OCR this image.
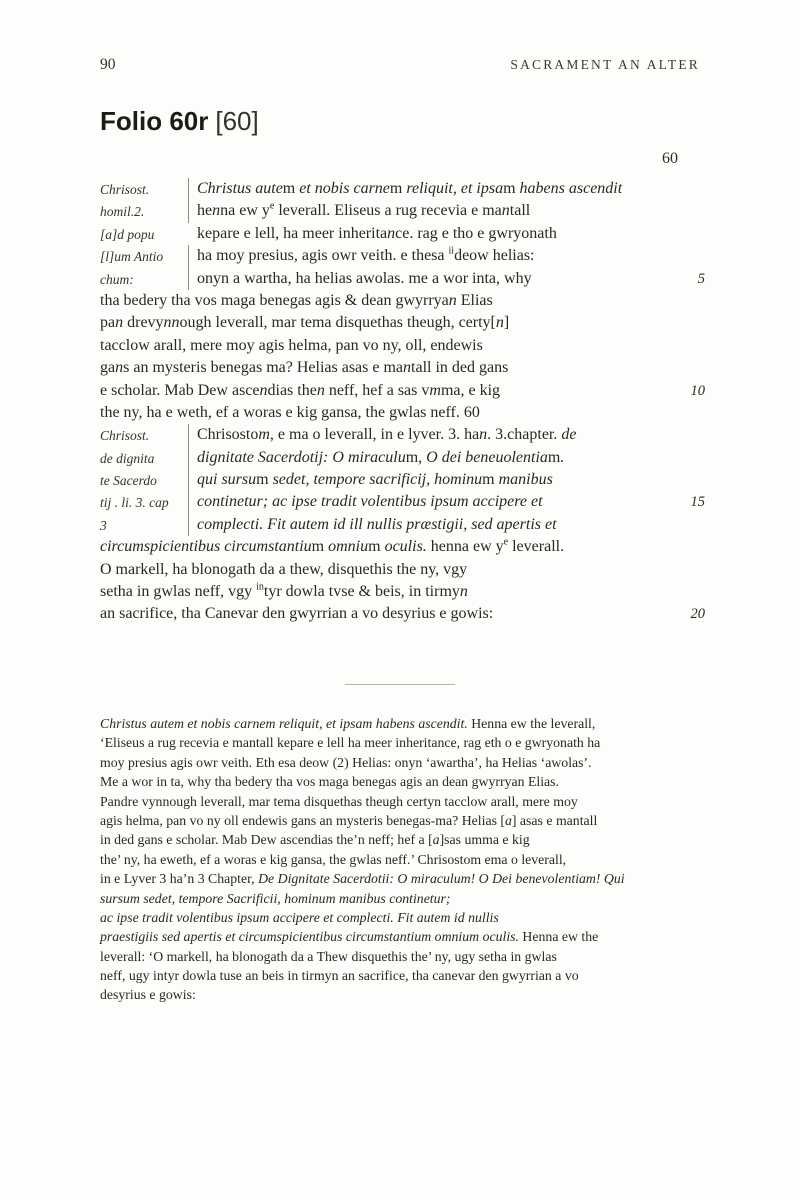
90	SACRAMENT AN ALTER
Folio 60r [60]
60
Chrisost.	Christus autem et nobis carnem reliquit, et ipsam habens ascendit
homil.2.	henna ew $y^e$ leverall. Eliseus a rug recevia e mantall
[a]d popu	kepare e lell, ha meer inheritance. rag e tho e gwryonath
[l]um Antio ha moy presius, agis owr veith. e thesa $^{ii}$deow helias:
chum:	5
onyn a wartha, ha helias awolas. me a wor inta, why
tha bedery tha vos maga benegas agis & dean gwyrryan Elias
pan drevynnough leverall, mar tema disquethas theugh, certy[n]
tacclow arall, mere moy agis helma, pan vo ny, oll, endewis
gans an mysteris benegas ma? Helias asas e mantall in ded gans
10
e scholar. Mab Dew ascendias then neff, hef a sas vmma, e kig
the ny, ha e weth, ef a woras e kig gansa, the gwlas neff. 60
Chrisost.	Chrisostom, e ma o leverall, in e lyver. 3. han. 3.chapter. de
de dignita	dignitate Sacerdotij: O miraculum, O dei beneuolentiam.
te Sacerdo	qui sursum sedet, tempore sacrificij, hominum manibus
tij . li. 3. cap	15
continetur; ac ipse tradit volentibus ipsum accipere et
3	complecti. Fit autem id ill nullis præstigii, sed apertis et
circumspicientibus circumstantium omnium oculis. henna ew $y^e$ leverall.
O markell, ha blonogath da a thew, disquethis the ny, vgy
setha in gwlas neff, vgy $^{in}$tyr dowla tvse & beis, in tirmyn
20
an sacrifice, tha Canevar den gwyrrian a vo desyrius e gowis:
Christus autem et nobis carnem reliquit, et ipsam habens ascendit. Henna ew the leverall,
‘Eliseus a rug recevia e mantall kepare e lell ha meer inheritance, rag eth o e gwryonath ha
moy presius agis owr veith. Eth esa deow (2) Helias: onyn ‘awartha’, ha Helias ‘awolas’.
Me a wor in ta, why tha bedery tha vos maga benegas agis an dean gwyrryan Elias.
Pandre vynnough leverall, mar tema disquethas theugh certyn tacclow arall, mere moy
agis helma, pan vo ny oll endewis gans an mysteris benegas-ma? Helias [a] asas e mantall
in ded gans e scholar. Mab Dew ascendias the’n neff; hef a [a]sas umma e kig
the’ ny, ha eweth, ef a woras e kig gansa, the gwlas neff.’ Chrisostom ema o leverall,
in e Lyver 3 ha’n 3 Chapter, De Dignitate Sacerdotii: O miraculum! O Dei benevolentiam! Qui
sursum sedet, tempore Sacrificii, hominum manibus continetur;
ac ipse tradit volentibus ipsum accipere et complecti. Fit autem id nullis
praestigiis sed apertis et circumspicientibus circumstantium omnium oculis. Henna ew the
leverall: ‘O markell, ha blonogath da a Thew disquethis the’ ny, ugy setha in gwlas
neff, ugy intyr dowla tuse an beis in tirmyn an sacrifice, tha canevar den gwyrrian a vo
desyrius e gowis:
